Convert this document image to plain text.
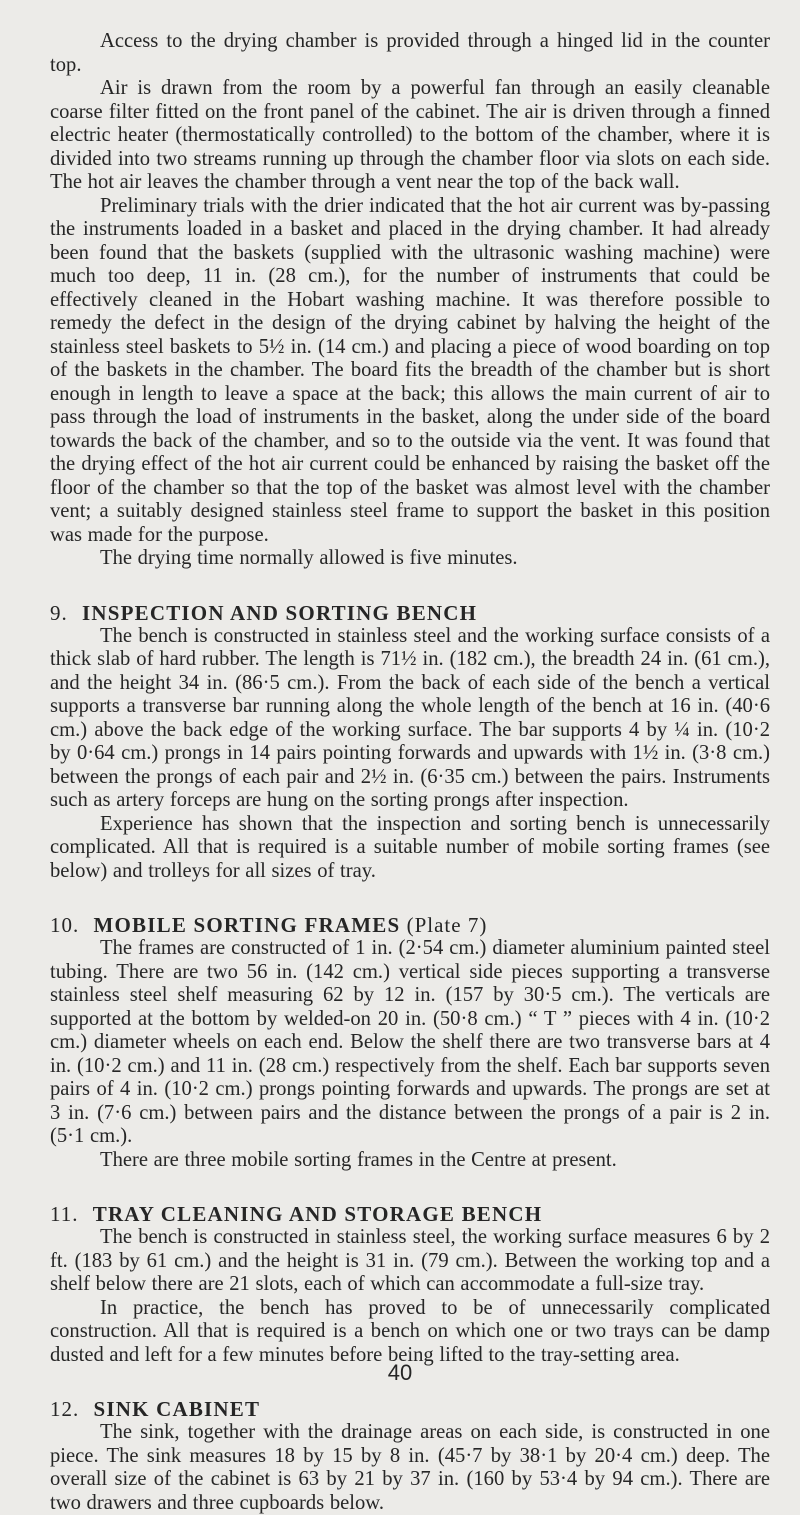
Access to the drying chamber is provided through a hinged lid in the counter top.

Air is drawn from the room by a powerful fan through an easily cleanable coarse filter fitted on the front panel of the cabinet. The air is driven through a finned electric heater (thermostatically controlled) to the bottom of the chamber, where it is divided into two streams running up through the chamber floor via slots on each side. The hot air leaves the chamber through a vent near the top of the back wall.

Preliminary trials with the drier indicated that the hot air current was by-passing the instruments loaded in a basket and placed in the drying chamber. It had already been found that the baskets (supplied with the ultrasonic washing machine) were much too deep, 11 in. (28 cm.), for the number of instruments that could be effectively cleaned in the Hobart washing machine. It was therefore possible to remedy the defect in the design of the drying cabinet by halving the height of the stainless steel baskets to 5½ in. (14 cm.) and placing a piece of wood boarding on top of the baskets in the chamber. The board fits the breadth of the chamber but is short enough in length to leave a space at the back; this allows the main current of air to pass through the load of instruments in the basket, along the under side of the board towards the back of the chamber, and so to the outside via the vent. It was found that the drying effect of the hot air current could be enhanced by raising the basket off the floor of the chamber so that the top of the basket was almost level with the chamber vent; a suitably designed stainless steel frame to support the basket in this position was made for the purpose.

The drying time normally allowed is five minutes.

9. INSPECTION AND SORTING BENCH

The bench is constructed in stainless steel and the working surface consists of a thick slab of hard rubber. The length is 71½ in. (182 cm.), the breadth 24 in. (61 cm.), and the height 34 in. (86·5 cm.). From the back of each side of the bench a vertical supports a transverse bar running along the whole length of the bench at 16 in. (40·6 cm.) above the back edge of the working surface. The bar supports 4 by ¼ in. (10·2 by 0·64 cm.) prongs in 14 pairs pointing forwards and upwards with 1½ in. (3·8 cm.) between the prongs of each pair and 2½ in. (6·35 cm.) between the pairs. Instruments such as artery forceps are hung on the sorting prongs after inspection.

Experience has shown that the inspection and sorting bench is unnecessarily complicated. All that is required is a suitable number of mobile sorting frames (see below) and trolleys for all sizes of tray.

10. MOBILE SORTING FRAMES (Plate 7)

The frames are constructed of 1 in. (2·54 cm.) diameter aluminium painted steel tubing. There are two 56 in. (142 cm.) vertical side pieces supporting a transverse stainless steel shelf measuring 62 by 12 in. (157 by 30·5 cm.). The verticals are supported at the bottom by welded-on 20 in. (50·8 cm.) “ T ” pieces with 4 in. (10·2 cm.) diameter wheels on each end. Below the shelf there are two transverse bars at 4 in. (10·2 cm.) and 11 in. (28 cm.) respectively from the shelf. Each bar supports seven pairs of 4 in. (10·2 cm.) prongs pointing forwards and upwards. The prongs are set at 3 in. (7·6 cm.) between pairs and the distance between the prongs of a pair is 2 in. (5·1 cm.).

There are three mobile sorting frames in the Centre at present.

11. TRAY CLEANING AND STORAGE BENCH

The bench is constructed in stainless steel, the working surface measures 6 by 2 ft. (183 by 61 cm.) and the height is 31 in. (79 cm.). Between the working top and a shelf below there are 21 slots, each of which can accommodate a full-size tray.

In practice, the bench has proved to be of unnecessarily complicated construction. All that is required is a bench on which one or two trays can be damp dusted and left for a few minutes before being lifted to the tray-setting area.

12. SINK CABINET

The sink, together with the drainage areas on each side, is constructed in one piece. The sink measures 18 by 15 by 8 in. (45·7 by 38·1 by 20·4 cm.) deep. The overall size of the cabinet is 63 by 21 by 37 in. (160 by 53·4 by 94 cm.). There are two drawers and three cupboards below.

40
